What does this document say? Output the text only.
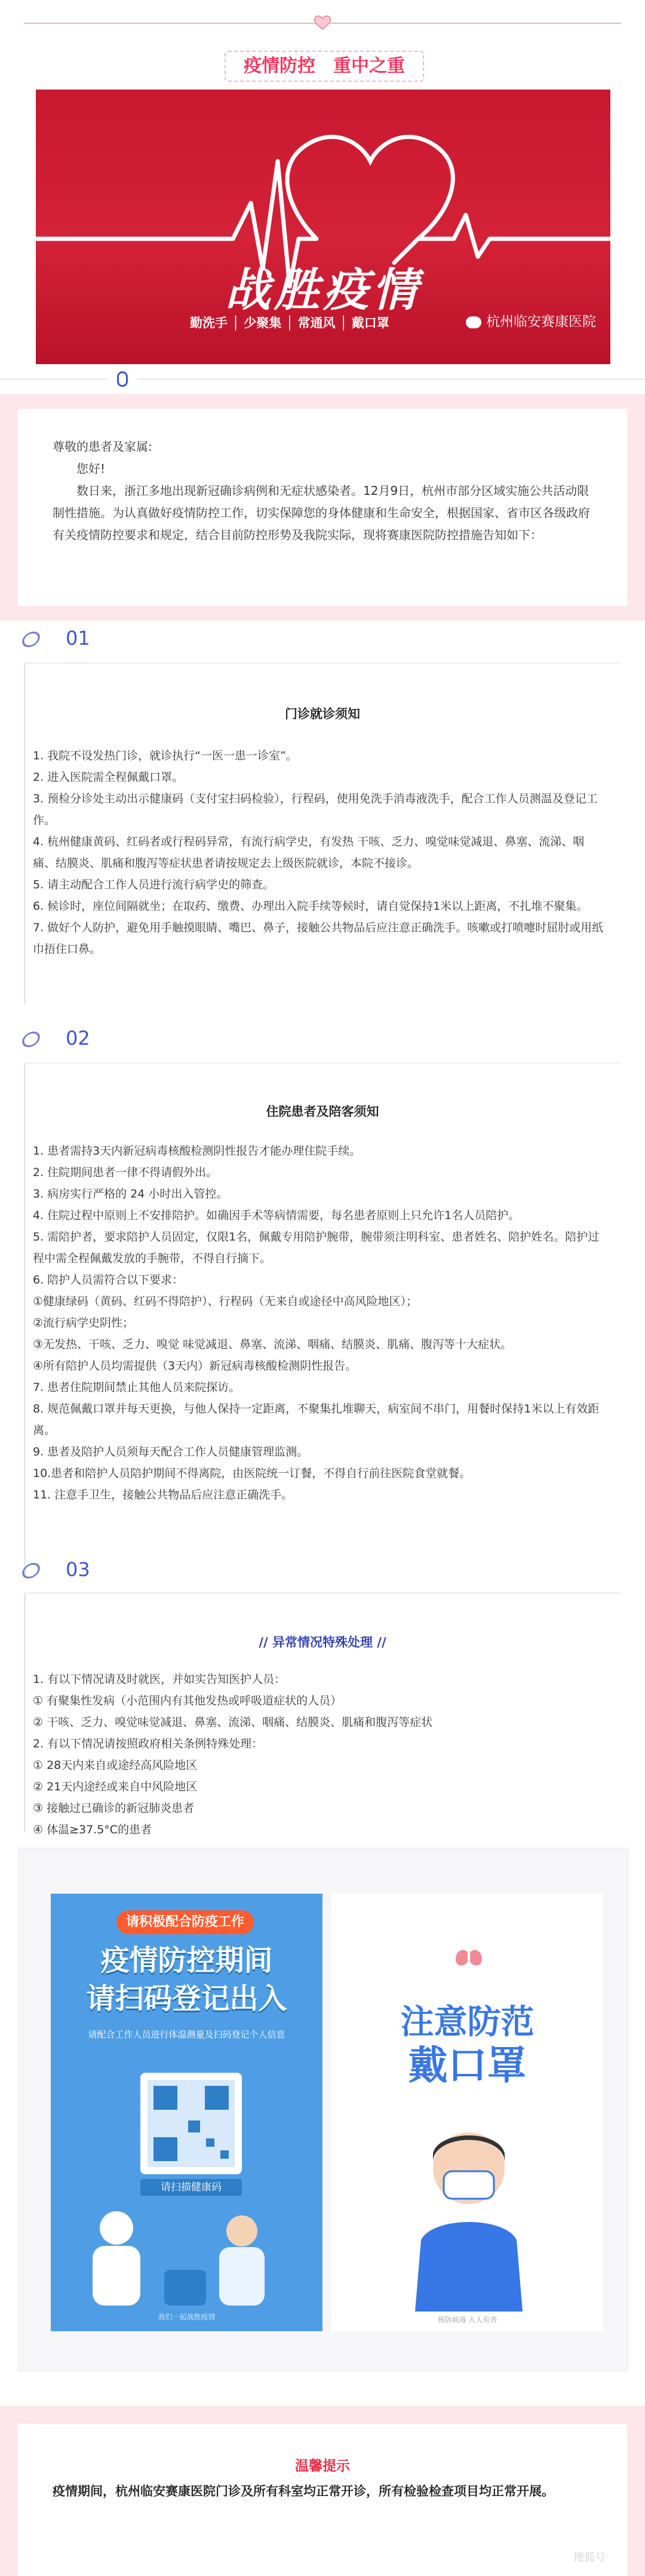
疫情防控　重中之重
战胜疫情
勤洗手 │ 少聚集 │ 常通风 │ 戴口罩	杭州临安赛康医院

尊敬的患者及家属:

您好!

数日来，浙江多地出现新冠确诊病例和无症状感染者。12月9日，杭州市部分区域实施公共活动限制性措施。为认真做好疫情防控工作，切实保障您的身体健康和生命安全，根据国家、省市区各级政府有关疫情防控要求和规定，结合目前防控形势及我院实际，现将赛康医院防控措施告知如下：

01
门诊就诊须知

1. 我院不设发热门诊，就诊执行“一医一患一诊室”。

2. 进入医院需全程佩戴口罩。

3. 预检分诊处主动出示健康码（支付宝扫码检验），行程码，使用免洗手消毒液洗手，配合工作人员测温及登记工作。

4. 杭州健康黄码、红码者或行程码异常，有流行病学史，有发热 干咳、乏力、嗅觉味觉减退、鼻塞、流涕、咽痛、结膜炎、肌痛和腹泻等症状患者请按规定去上级医院就诊，本院不接诊。

5. 请主动配合工作人员进行流行病学史的筛查。

6. 候诊时，座位间隔就坐；在取药、缴费、办理出入院手续等候时，请自觉保持1米以上距离，不扎堆不聚集。

7. 做好个人防护，避免用手触摸眼睛、嘴巴、鼻子，接触公共物品后应注意正确洗手。咳嗽或打喷嚏时屈肘或用纸巾捂住口鼻。

02
住院患者及陪客须知

1. 患者需持3天内新冠病毒核酸检测阴性报告才能办理住院手续。

2. 住院期间患者一律不得请假外出。

3. 病房实行严格的 24 小时出入管控。

4. 住院过程中原则上不安排陪护。如确因手术等病情需要，每名患者原则上只允许1名人员陪护。

5. 需陪护者，要求陪护人员固定，仅限1名，佩戴专用陪护腕带，腕带须注明科室、患者姓名、陪护姓名。陪护过程中需全程佩戴发放的手腕带，不得自行摘下。

6. 陪护人员需符合以下要求：

①健康绿码（黄码、红码不得陪护）、行程码（无来自或途径中高风险地区）；

②流行病学史阴性；

③无发热、干咳、乏力、嗅觉 味觉减退、鼻塞、流涕、咽痛、结膜炎、肌痛、腹泻等十大症状。

④所有陪护人员均需提供（3天内）新冠病毒核酸检测阴性报告。

7. 患者住院期间禁止其他人员来院探访。

8. 规范佩戴口罩并每天更换，与他人保持一定距离，不聚集扎堆聊天，病室间不串门，用餐时保持1米以上有效距离。

9. 患者及陪护人员须每天配合工作人员健康管理监测。

10.患者和陪护人员陪护期间不得离院，由医院统一订餐，不得自行前往医院食堂就餐。

11. 注意手卫生，接触公共物品后应注意正确洗手。

03
// 异常情况特殊处理 //

1. 有以下情况请及时就医，并如实告知医护人员：

① 有聚集性发病（小范围内有其他发热或呼吸道症状的人员）

② 干咳、乏力、嗅觉味觉减退、鼻塞、流涕、咽痛、结膜炎、肌痛和腹泻等症状

2. 有以下情况请按照政府相关条例特殊处理：

① 28天内来自或途经高风险地区

② 21天内途经或来自中风险地区

③ 接触过已确诊的新冠肺炎患者

④ 体温≥37.5°C的患者

请积极配合防疫工作
疫情防控期间
请扫码登记出入
请配合工作人员进行体温测量及扫码登记个人信息
请扫描健康码
我们一起战胜疫情
注意防范
戴口罩
预防病毒 人人有责
温馨提示
疫情期间，杭州临安赛康医院门诊及所有科室均正常开诊，所有检验检查项目均正常开展。
搜狐号
